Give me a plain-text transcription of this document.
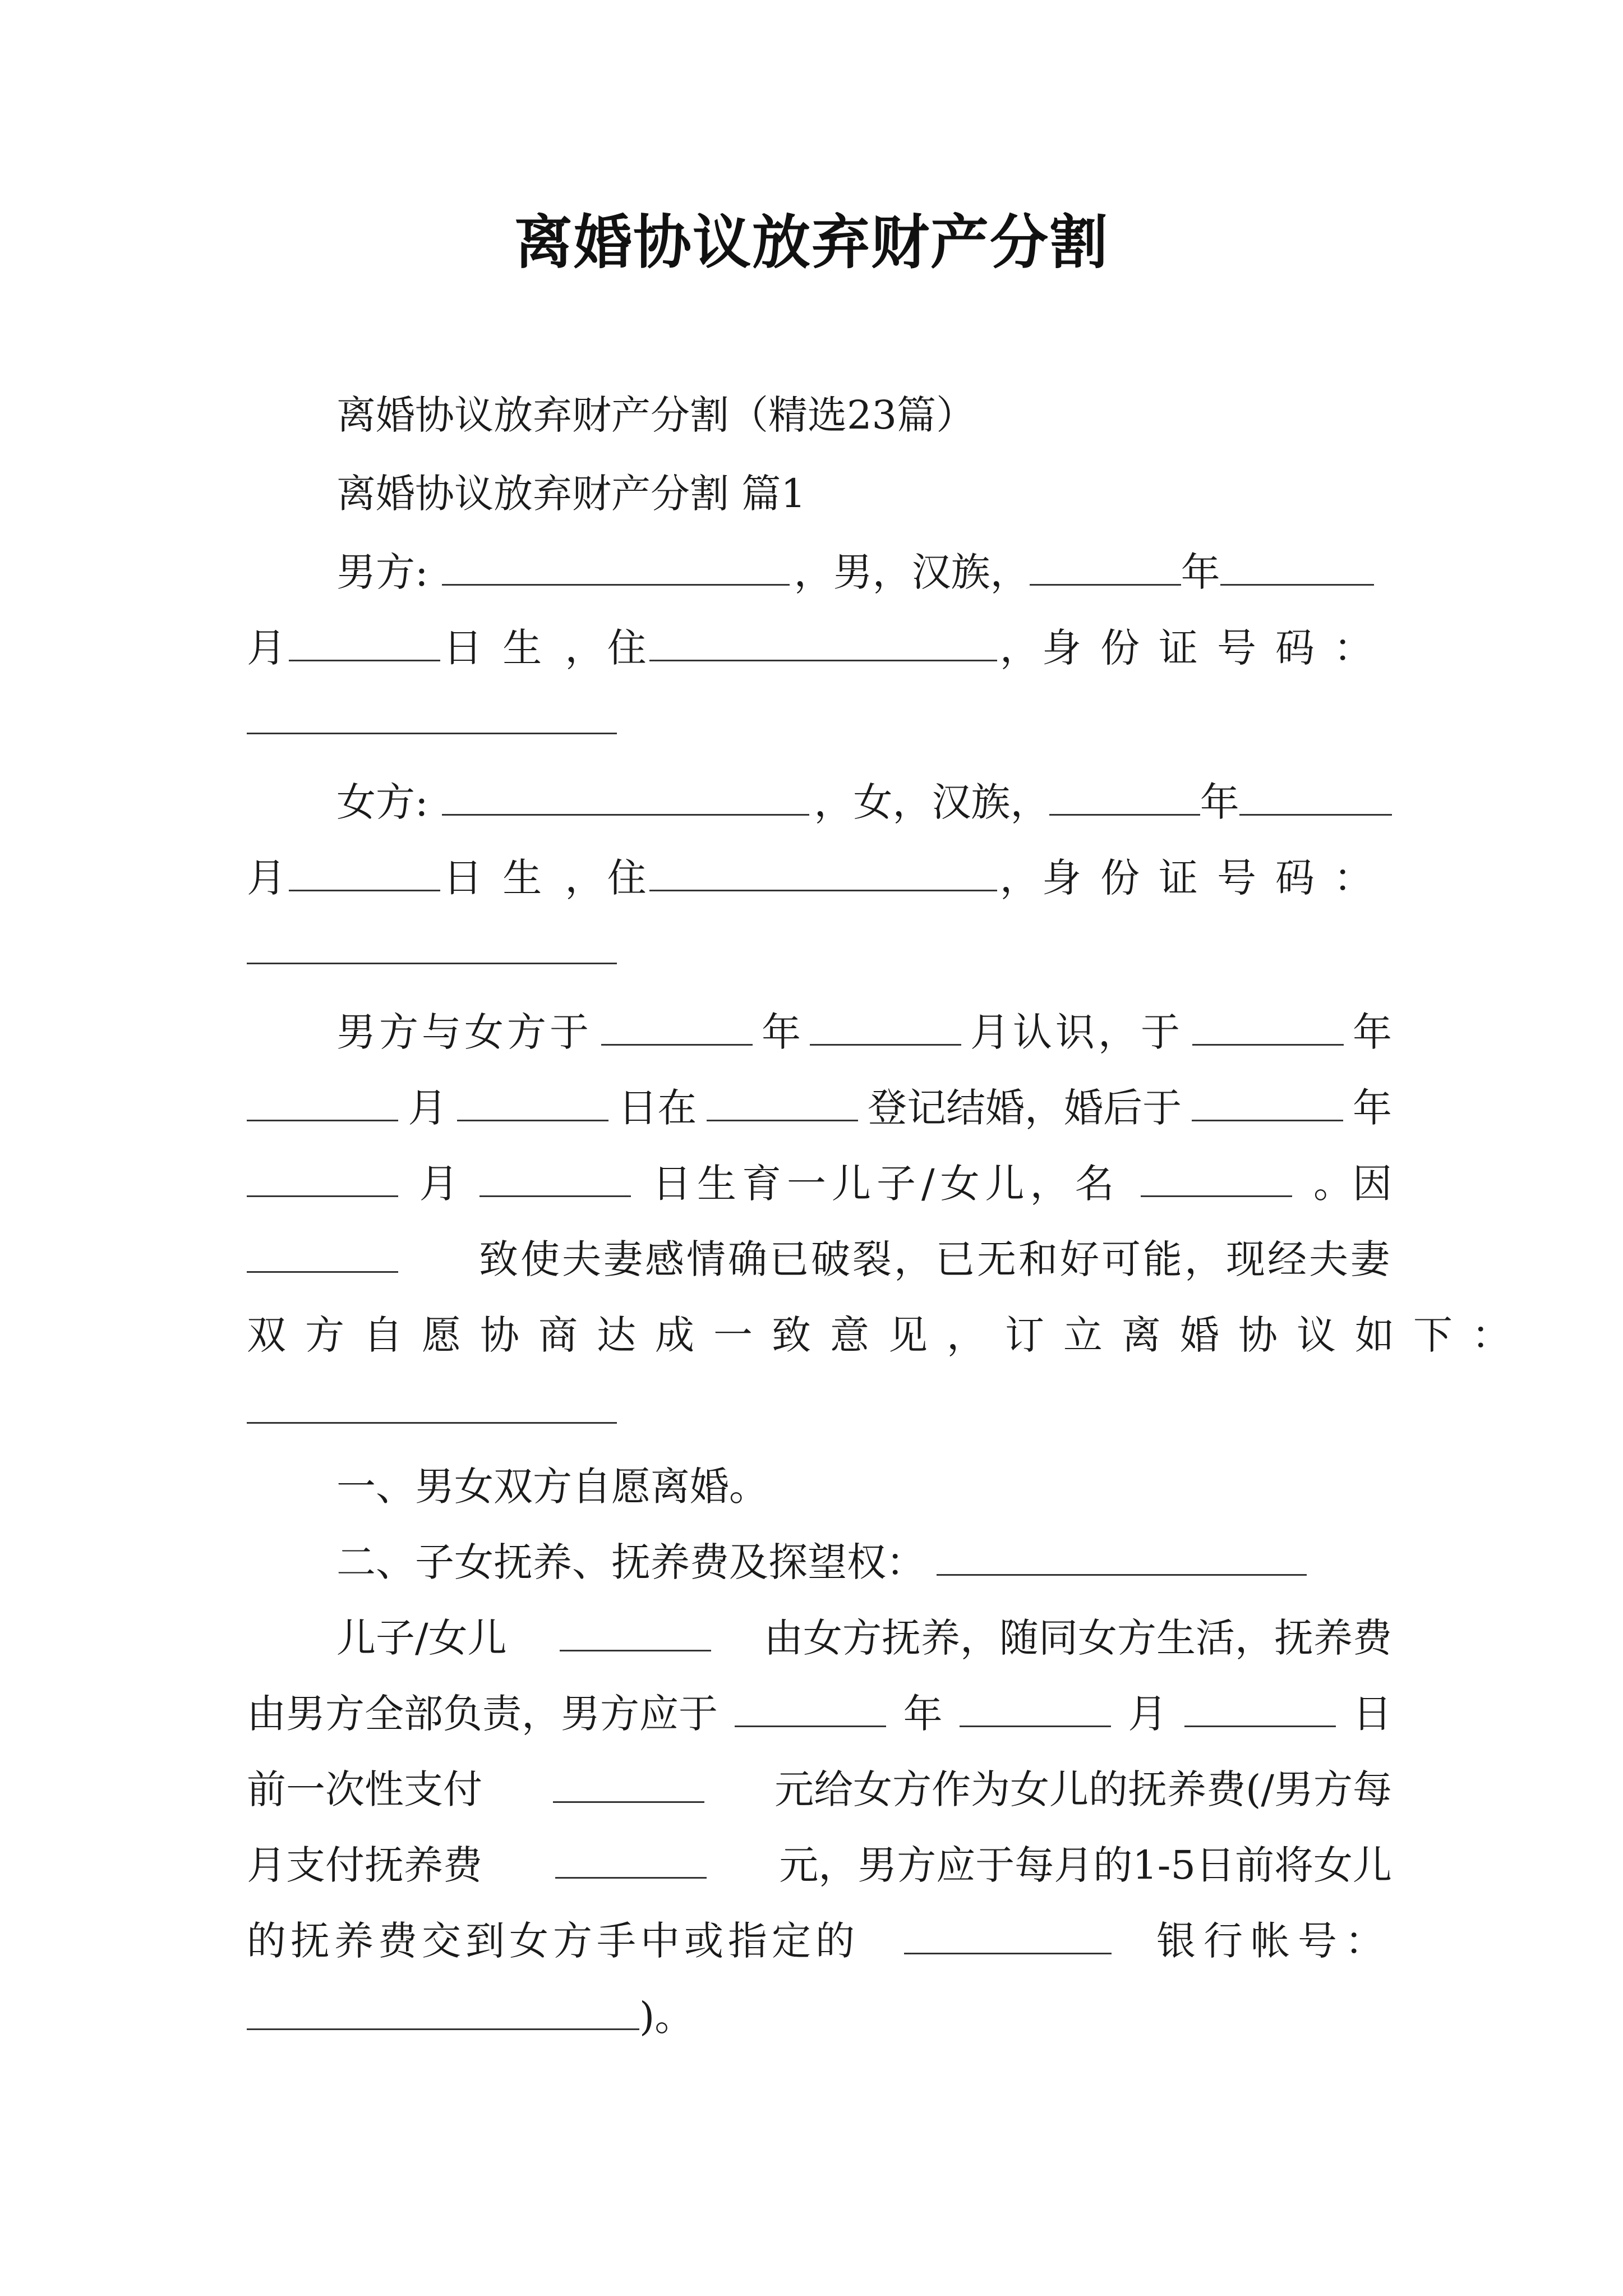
离婚协议放弃财产分割
离婚协议放弃财产分割（精选23篇）
离婚协议放弃财产分割 篇1
男方:	， 男 ， 汉族 ，	年
月	日生 ， 住	， 身份证号码：
女方:	， 女 ， 汉族 ，	年
月	日生 ， 住	， 身份证号码：
男方与女方于	年	月认识，于	年
月	日在	登记结婚，婚后于	年
月	日生育一儿子/女儿，名	。因
致使夫妻感情确已破裂，已无和好可能，现经夫妻
双方自愿协商达成一致意见，订立离婚协议如下：
一、男女双方自愿离婚。
二、子女抚养、抚养费及探望权：
儿子/女儿	由女方抚养，随同女方生活，抚养费
由男方全部负责，男方应于	年	月	日
前一次性支付	元给女方作为女儿的抚养费(/男方每
月支付抚养费	元，男方应于每月的1-5日前将女儿
的抚养费交到女方手中或指定的	银行帐号：
)。
